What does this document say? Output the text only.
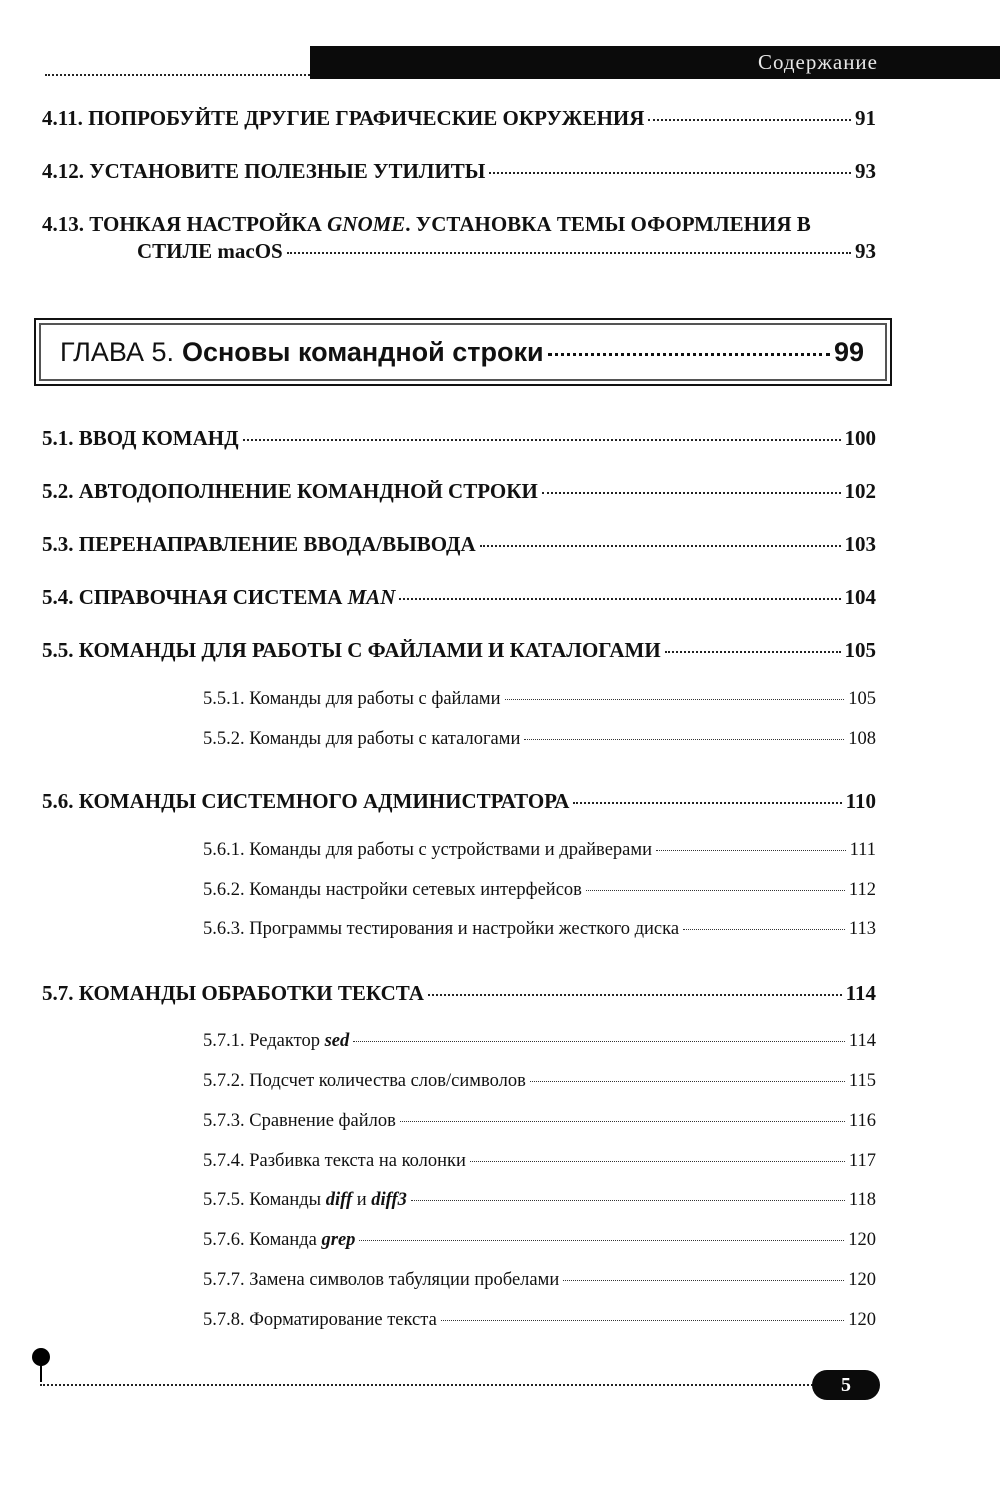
Содержание
4.11. ПОПРОБУЙТЕ ДРУГИЕ ГРАФИЧЕСКИЕ ОКРУЖЕНИЯ	91
4.12. УСТАНОВИТЕ ПОЛЕЗНЫЕ УТИЛИТЫ	93
4.13. ТОНКАЯ НАСТРОЙКА GNOME. УСТАНОВКА ТЕМЫ ОФОРМЛЕНИЯ В
СТИЛЕ macOS	93
ГЛАВА 5. Основы командной строки	99
5.1. ВВОД КОМАНД	100
5.2. АВТОДОПОЛНЕНИЕ КОМАНДНОЙ СТРОКИ	102
5.3. ПЕРЕНАПРАВЛЕНИЕ ВВОДА/ВЫВОДА	103
5.4. СПРАВОЧНАЯ СИСТЕМА MAN	104
5.5. КОМАНДЫ ДЛЯ РАБОТЫ С ФАЙЛАМИ И КАТАЛОГАМИ	105
5.5.1. Команды для работы с файлами	105
5.5.2. Команды для работы с каталогами	108
5.6. КОМАНДЫ СИСТЕМНОГО АДМИНИСТРАТОРА	110
5.6.1. Команды для работы с устройствами и драйверами	111
5.6.2. Команды настройки сетевых интерфейсов	112
5.6.3. Программы тестирования и настройки жесткого диска	113
5.7. КОМАНДЫ ОБРАБОТКИ ТЕКСТА	114
5.7.1. Редактор sed	114
5.7.2. Подсчет количества слов/символов	115
5.7.3. Сравнение файлов	116
5.7.4. Разбивка текста на колонки	117
5.7.5. Команды diff и diff3	118
5.7.6. Команда grep	120
5.7.7. Замена символов табуляции пробелами	120
5.7.8. Форматирование текста	120
5
